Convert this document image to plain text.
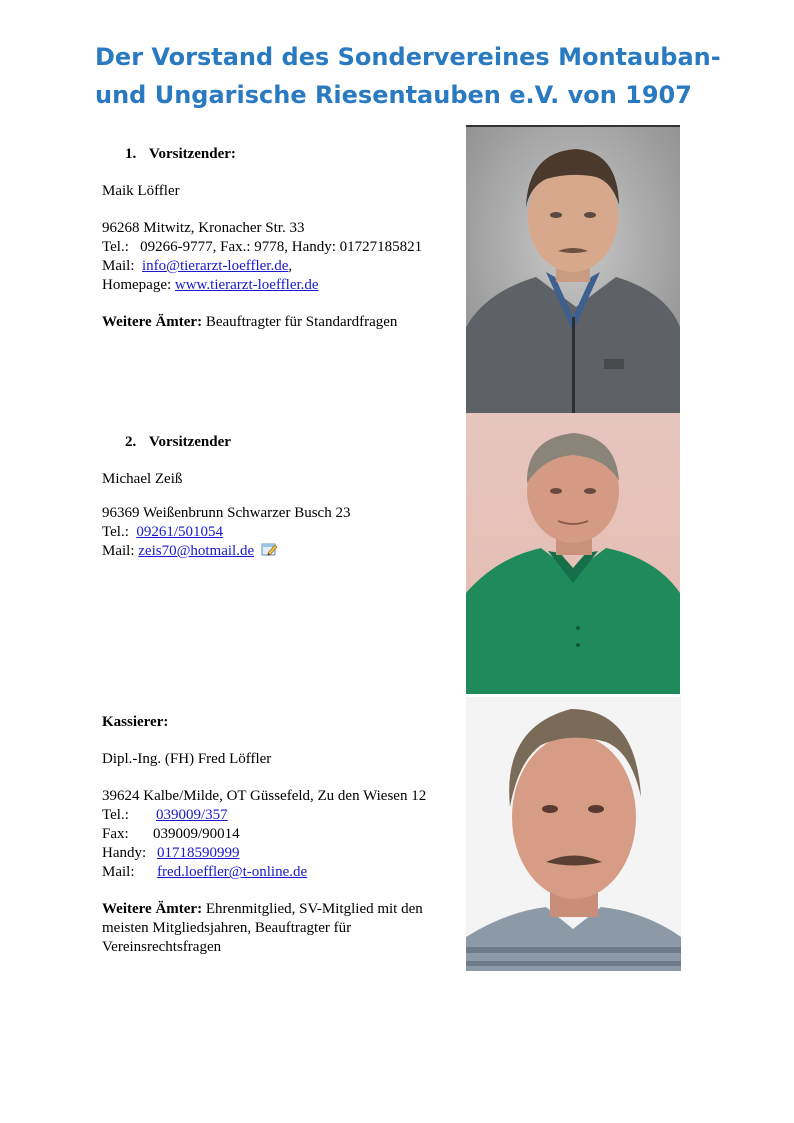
Der Vorstand des Sondervereines Montauban-
und Ungarische Riesentauben e.V. von 1907

1. Vorsitzender:

Maik Löffler

96268 Mitwitz, Kronacher Str. 33

Tel.:   09266-9777, Fax.: 9778, Handy: 01727185821

Mail: info@tierarzt-loeffler.de,

Homepage: www.tierarzt-loeffler.de

Weitere Ämter: Beauftragter für Standardfragen

2. Vorsitzender

Michael Zeiß

96369 Weißenbrunn Schwarzer Busch 23

Tel.: 09261/501054

Mail: zeis70@hotmail.de

Kassierer:

Dipl.-Ing. (FH) Fred Löffler

39624 Kalbe/Milde, OT Güssefeld, Zu den Wiesen 12

Tel.: 039009/357

Fax: 039009/90014

Handy: 01718590999

Mail: fred.loeffler@t-online.de

Weitere Ämter: Ehrenmitglied, SV-Mitglied mit den meisten Mitgliedsjahren, Beauftragter für Vereinsrechtsfragen
